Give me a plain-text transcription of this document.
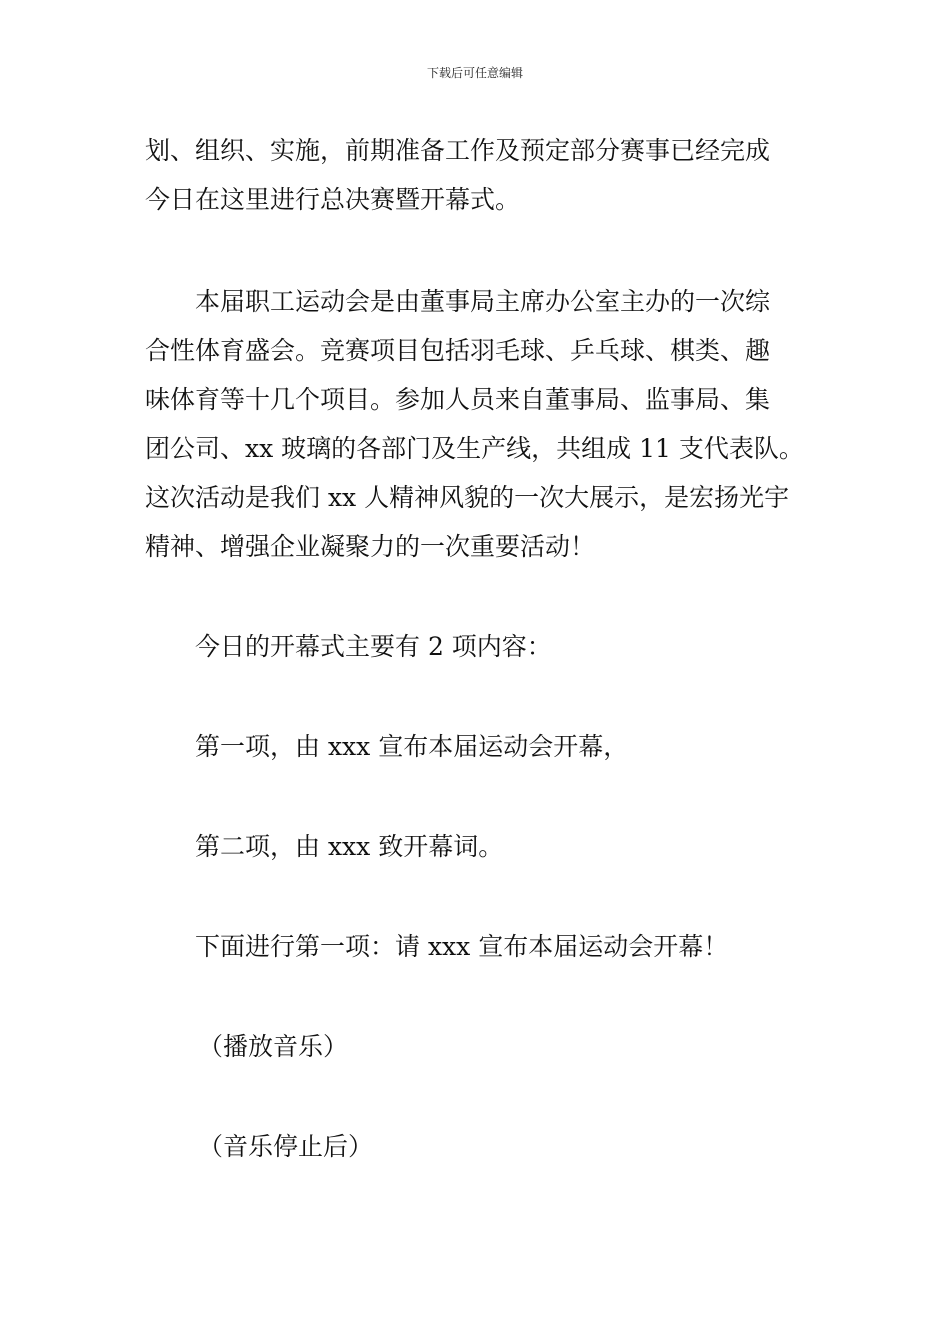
下载后可任意编辑
划、组织、实施，前期准备工作及预定部分赛事已经完成
今日在这里进行总决赛暨开幕式。
本届职工运动会是由董事局主席办公室主办的一次综
合性体育盛会。竞赛项目包括羽毛球、乒乓球、棋类、趣
味体育等十几个项目。参加人员来自董事局、监事局、集
团公司、xx 玻璃的各部门及生产线，共组成 11 支代表队。
这次活动是我们 xx 人精神风貌的一次大展示，是宏扬光宇
精神、增强企业凝聚力的一次重要活动！
今日的开幕式主要有 2 项内容：
第一项，由 xxx 宣布本届运动会开幕，
第二项，由 xxx 致开幕词。
下面进行第一项：请 xxx 宣布本届运动会开幕！
（播放音乐）
（音乐停止后）
